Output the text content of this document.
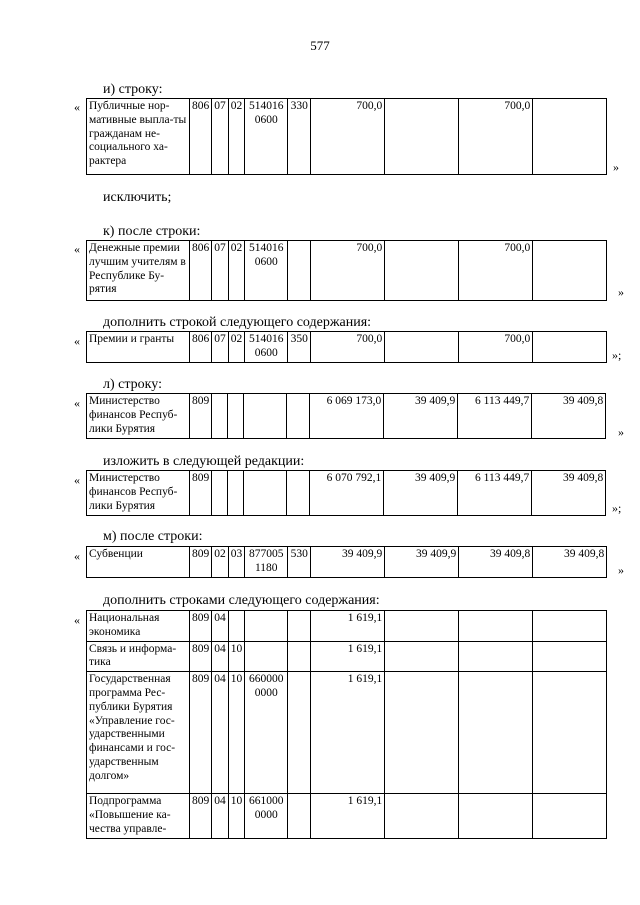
577
и) строку:
« Публичные нор-мативные выпла-ты гражданам не-социального ха-рактера	806	07	02	514016 0600	330	700,0		700,0	
»
исключить;
к) после строки:
« Денежные премии лучшим учителям в Республике Бу-рятия	806	07	02	514016 0600		700,0		700,0	
»
дополнить строкой следующего содержания:
« Премии и гранты	806	07	02	514016 0600	350	700,0		700,0	
»;
л) строку:
« Министерство финансов Респуб-лики Бурятия	809					6 069 173,0	39 409,9	6 113 449,7	39 409,8
»
изложить в следующей редакции:
« Министерство финансов Респуб-лики Бурятия	809					6 070 792,1	39 409,9	6 113 449,7	39 409,8
»;
м) после строки:
« Субвенции	809	02	03	877005 1180	530	39 409,9	39 409,9	39 409,8	39 409,8
»
дополнить строками следующего содержания:
« Национальная экономика	809	04				1 619,1			
Связь и информа-тика	809	04	10			1 619,1			
Государственная программа Рес-публики Бурятия «Управление гос-ударственными финансами и гос-ударственным долгом»	809	04	10	660000 0000		1 619,1			
Подпрограмма «Повышение ка-чества управле-	809	04	10	661000 0000		1 619,1			
